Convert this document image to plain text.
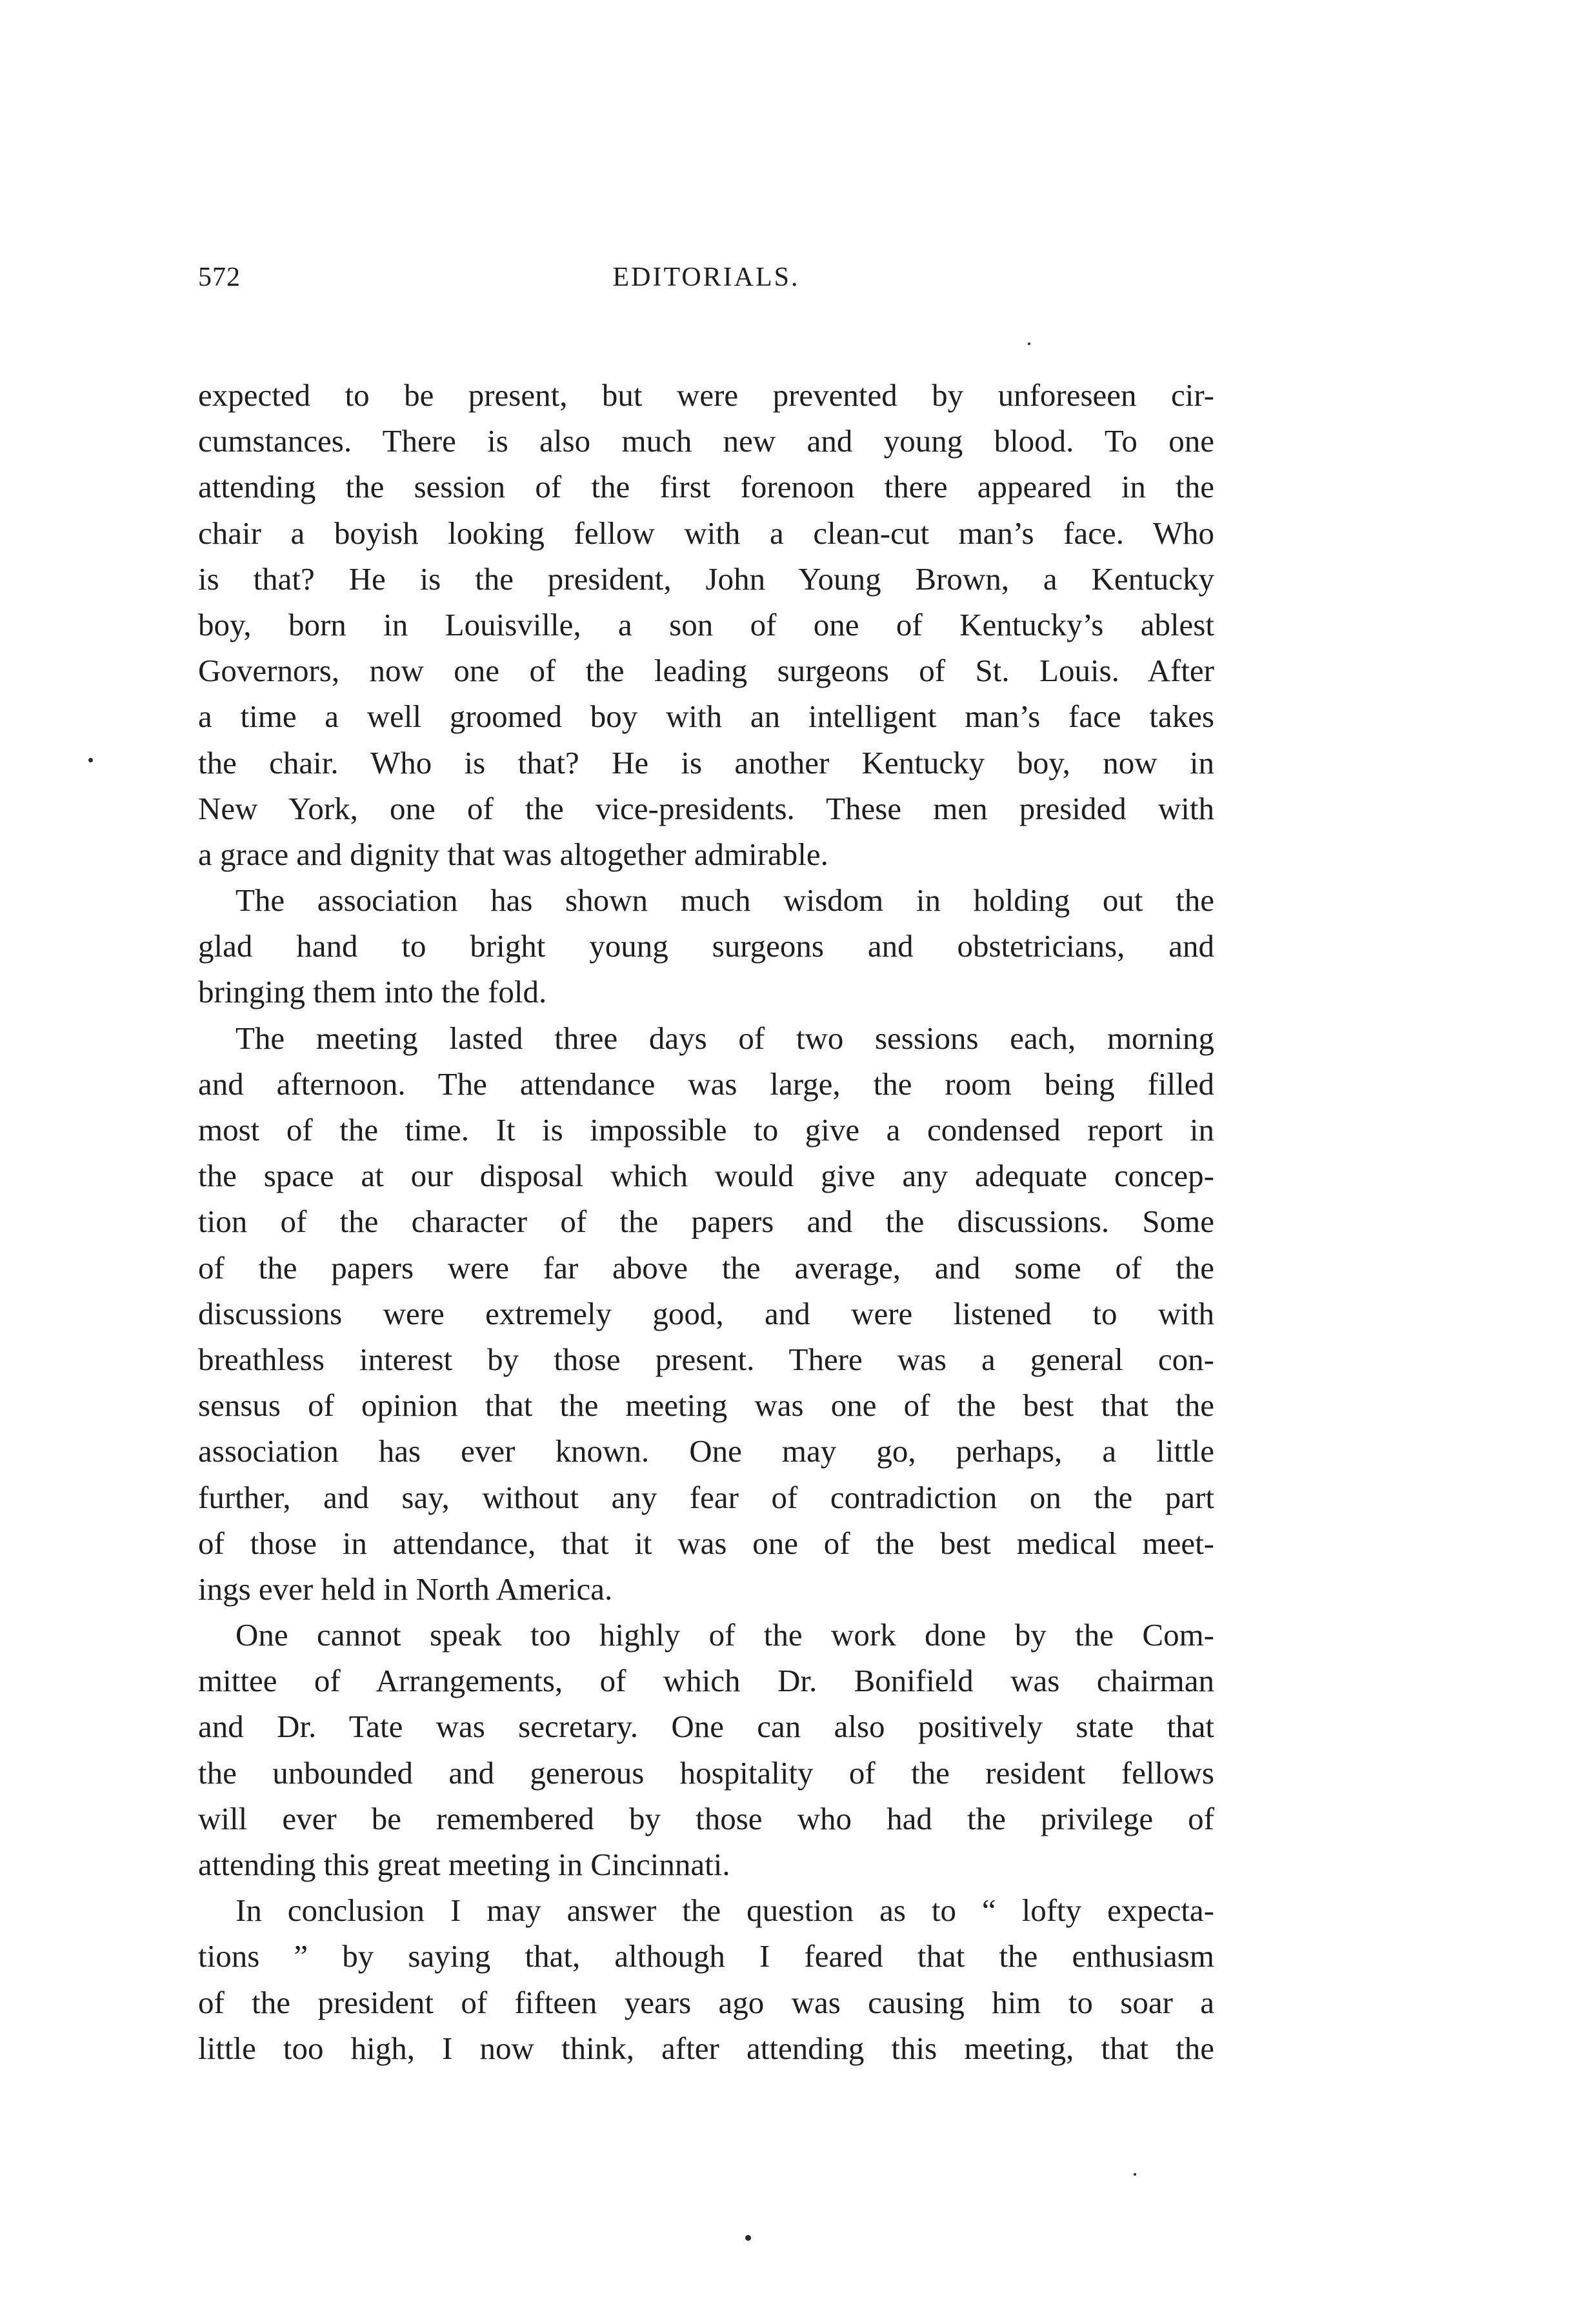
572	EDITORIALS.
expected to be present, but were prevented by unforeseen cir-
cumstances. There is also much new and young blood. To one
attending the session of the first forenoon there appeared in the
chair a boyish looking fellow with a clean-cut man’s face. Who
is that? He is the president, John Young Brown, a Kentucky
boy, born in Louisville, a son of one of Kentucky’s ablest
Governors, now one of the leading surgeons of St. Louis. After
a time a well groomed boy with an intelligent man’s face takes
the chair. Who is that? He is another Kentucky boy, now in
New York, one of the vice-presidents. These men presided with
a grace and dignity that was altogether admirable.
The association has shown much wisdom in holding out the
glad hand to bright young surgeons and obstetricians, and
bringing them into the fold.
The meeting lasted three days of two sessions each, morning
and afternoon. The attendance was large, the room being filled
most of the time. It is impossible to give a condensed report in
the space at our disposal which would give any adequate concep-
tion of the character of the papers and the discussions. Some
of the papers were far above the average, and some of the
discussions were extremely good, and were listened to with
breathless interest by those present. There was a general con-
sensus of opinion that the meeting was one of the best that the
association has ever known. One may go, perhaps, a little
further, and say, without any fear of contradiction on the part
of those in attendance, that it was one of the best medical meet-
ings ever held in North America.
One cannot speak too highly of the work done by the Com-
mittee of Arrangements, of which Dr. Bonifield was chairman
and Dr. Tate was secretary. One can also positively state that
the unbounded and generous hospitality of the resident fellows
will ever be remembered by those who had the privilege of
attending this great meeting in Cincinnati.
In conclusion I may answer the question as to “ lofty expecta-
tions ” by saying that, although I feared that the enthusiasm
of the president of fifteen years ago was causing him to soar a
little too high, I now think, after attending this meeting, that the
